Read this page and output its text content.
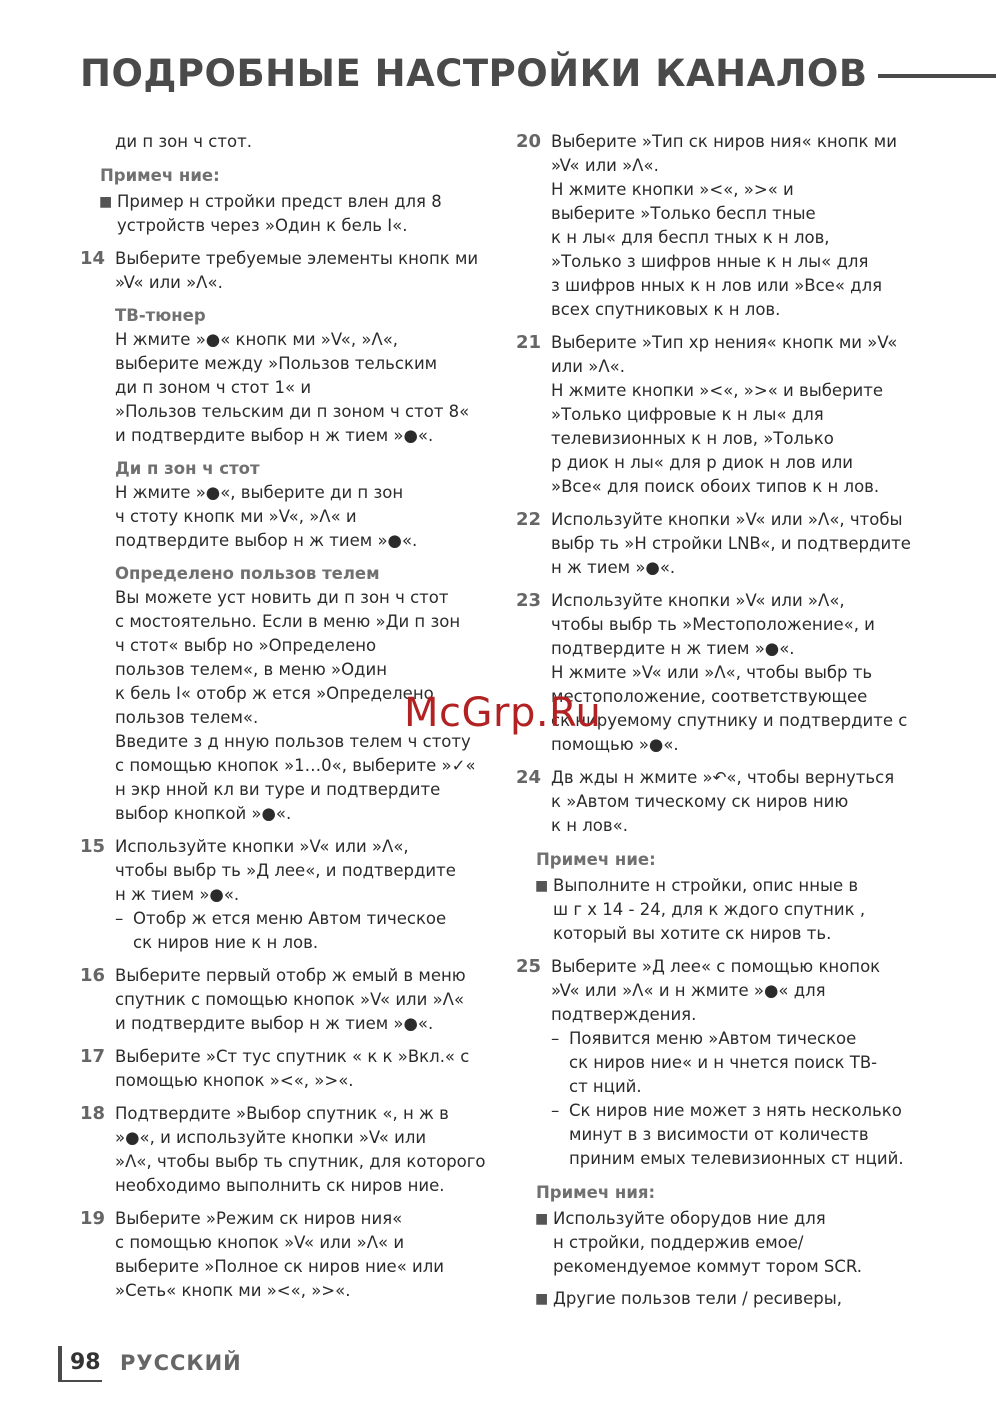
ПОДРОБНЫЕ НАСТРОЙКИ КАНАЛОВ
ди п зон ч стот.
Примеч ние:
■ Пример н стройки предст влен для 8
устройств через »Один к бель I«.
14 Выберите требуемые элементы кнопк ми
»V« или »Λ«.
ТВ-тюнер
Н жмите »●« кнопк ми »V«, »Λ«,
выберите между »Пользов тельским
ди п зоном ч стот 1« и
»Пользов тельским ди п зоном ч стот 8«
и подтвердите выбор н ж тием »●«.
Ди п зон ч стот
Н жмите »●«, выберите ди п зон
ч стоту кнопк ми »V«, »Λ« и
подтвердите выбор н ж тием »●«.
Определено пользов телем
Вы можете уст новить ди п зон ч стот
с мостоятельно. Если в меню »Ди п зон
ч стот« выбр но »Определено
пользов телем«, в меню »Один
к бель I« отобр ж ется »Определено
пользов телем«.
Введите з д нную пользов телем ч стоту
с помощью кнопок »1…0«, выберите »✓«
н экр нной кл ви туре и подтвердите
выбор кнопкой »●«.
15 Используйте кнопки »V« или »Λ«,
чтобы выбр ть »Д лее«, и подтвердите
н ж тием »●«.
– Отобр ж ется меню Автом тическое
ск ниров ние к н лов.
16 Выберите первый отобр ж емый в меню
спутник с помощью кнопок »V« или »Λ«
и подтвердите выбор н ж тием »●«.
17 Выберите »Ст тус спутник « к к »Вкл.« с
помощью кнопок »<«, »>«.
18 Подтвердите »Выбор спутник «, н ж в
»●«, и используйте кнопки »V« или
»Λ«, чтобы выбр ть спутник, для которого
необходимо выполнить ск ниров ние.
19 Выберите »Режим ск ниров ния«
с помощью кнопок »V« или »Λ« и
выберите »Полное ск ниров ние« или
»Сеть« кнопк ми »<«, »>«.
20 Выберите »Тип ск ниров ния« кнопк ми
»V« или »Λ«.
Н жмите кнопки »<«, »>« и
выберите »Только беспл тные
к н лы« для беспл тных к н лов,
»Только з шифров нные к н лы« для
з шифров нных к н лов или »Все« для
всех спутниковых к н лов.
21 Выберите »Тип хр нения« кнопк ми »V«
или »Λ«.
Н жмите кнопки »<«, »>« и выберите
»Только цифровые к н лы« для
телевизионных к н лов, »Только
р диок н лы« для р диок н лов или
»Все« для поиск обоих типов к н лов.
22 Используйте кнопки »V« или »Λ«, чтобы
выбр ть »Н стройки LNB«, и подтвердите
н ж тием »●«.
23 Используйте кнопки »V« или »Λ«,
чтобы выбр ть »Местоположение«, и
подтвердите н ж тием »●«.
Н жмите »V« или »Λ«, чтобы выбр ть
местоположение, соответствующее
ск нируемому спутнику и подтвердите с
помощью »●«.
24 Дв жды н жмите »↶«, чтобы вернуться
к »Автом тическому ск ниров нию
к н лов«.
Примеч ние:
■ Выполните н стройки, опис нные в
ш г х 14 - 24, для к ждого спутник ,
который вы хотите ск ниров ть.
25 Выберите »Д лее« с помощью кнопок
»V« или »Λ« и н жмите »●« для
подтверждения.
– Появится меню »Автом тическое
ск ниров ние« и н чнется поиск ТВ-
ст нций.
– Ск ниров ние может з нять несколько
минут в з висимости от количеств
приним емых телевизионных ст нций.
Примеч ния:
■ Используйте оборудов ние для
н стройки, поддержив емое/
рекомендуемое коммут тором SCR.
■ Другие пользов тели / ресиверы,
McGrp.Ru
98 РУССКИЙ
